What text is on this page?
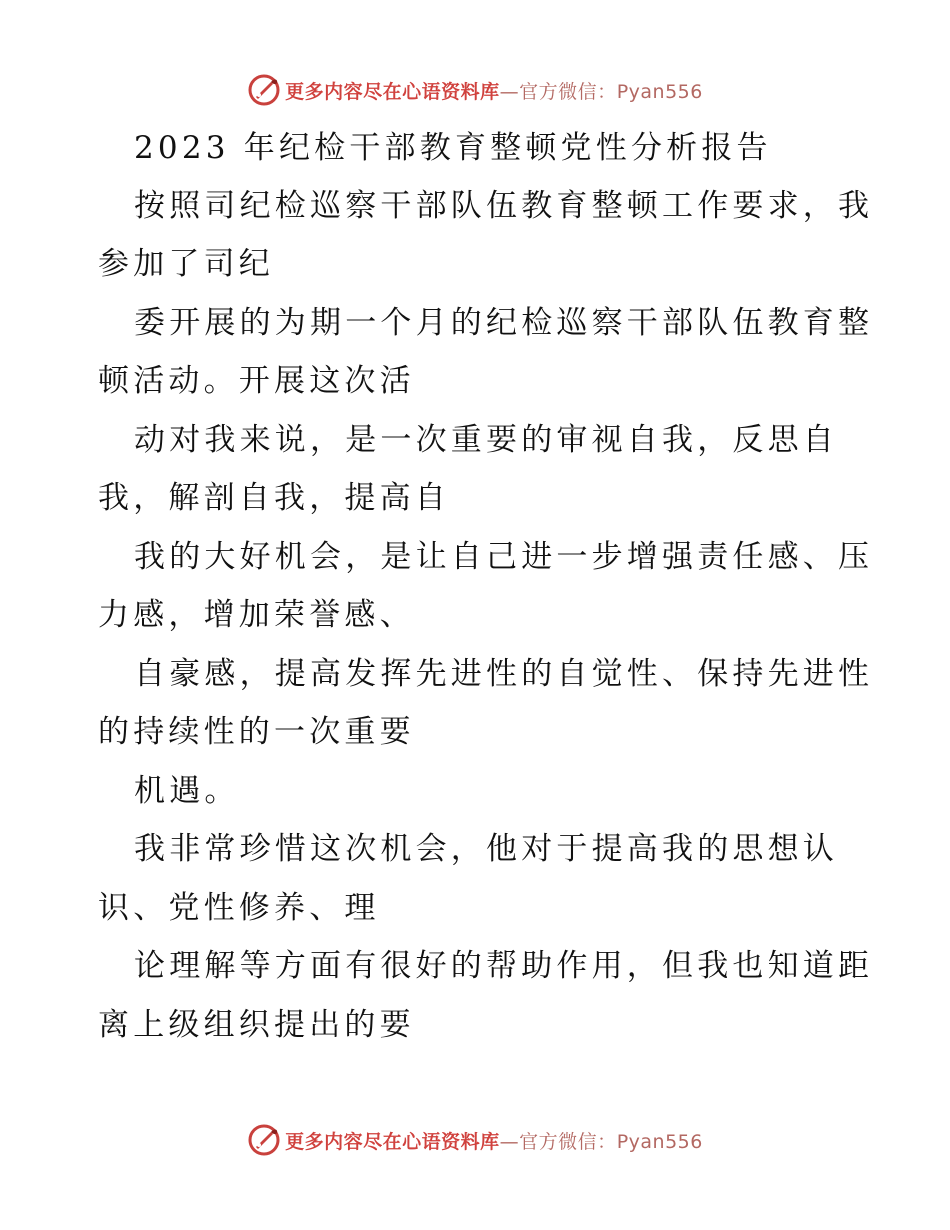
更多内容尽在心语资料库—官方微信：Pyan556
2023 年纪检干部教育整顿党性分析报告
按照司纪检巡察干部队伍教育整顿工作要求，我
参加了司纪
委开展的为期一个月的纪检巡察干部队伍教育整
顿活动。开展这次活
动对我来说，是一次重要的审视自我，反思自
我，解剖自我，提高自
我的大好机会，是让自己进一步增强责任感、压
力感，增加荣誉感、
自豪感，提高发挥先进性的自觉性、保持先进性
的持续性的一次重要
机遇。
我非常珍惜这次机会，他对于提高我的思想认
识、党性修养、理
论理解等方面有很好的帮助作用，但我也知道距
离上级组织提出的要
更多内容尽在心语资料库—官方微信：Pyan556
